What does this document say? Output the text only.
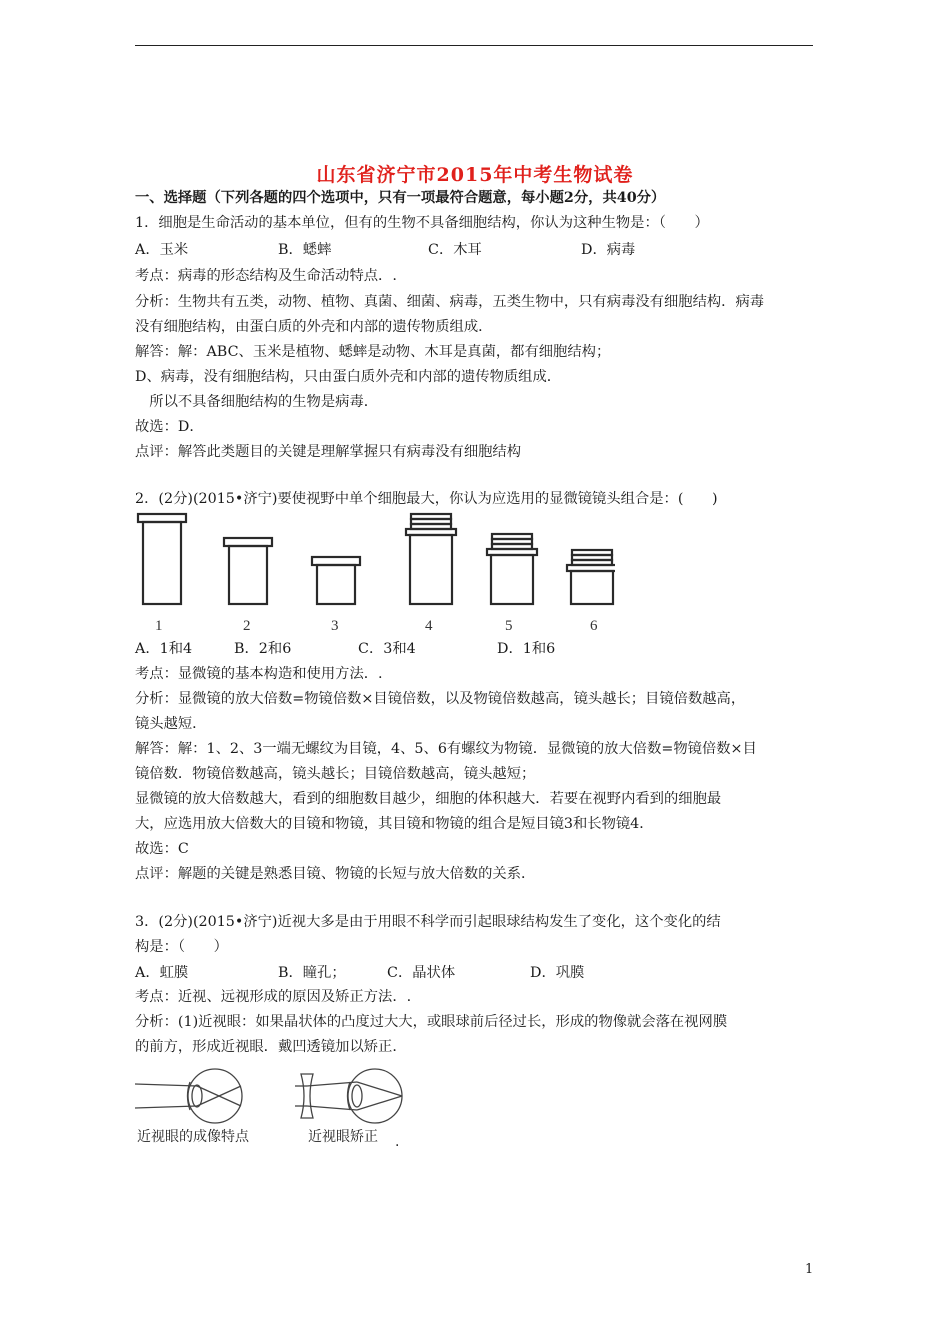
山东省济宁市2015年中考生物试卷
一、选择题（下列各题的四个选项中，只有一项最符合题意，每小题2分，共40分）
1．细胞是生命活动的基本单位，但有的生物不具备细胞结构，你认为这种生物是：（　　）
A．玉米	B．蟋蟀	C．木耳	D．病毒
考点：病毒的形态结构及生命活动特点．.
分析：生物共有五类，动物、植物、真菌、细菌、病毒，五类生物中，只有病毒没有细胞结构．病毒
没有细胞结构，由蛋白质的外壳和内部的遗传物质组成．
解答：解：ABC、玉米是植物、蟋蟀是动物、木耳是真菌，都有细胞结构；
D、病毒，没有细胞结构，只由蛋白质外壳和内部的遗传物质组成．
　所以不具备细胞结构的生物是病毒．
故选：D．
点评：解答此类题目的关键是理解掌握只有病毒没有细胞结构
2．(2分)(2015•济宁)要使视野中单个细胞最大，你认为应选用的显微镜镜头组合是：(　　)
1	2	3	4	5	6
A．1和4	B．2和6	C．3和4	D．1和6
考点：显微镜的基本构造和使用方法．.
分析：显微镜的放大倍数=物镜倍数×目镜倍数，以及物镜倍数越高，镜头越长；目镜倍数越高，
镜头越短．
解答：解：1、2、3一端无螺纹为目镜，4、5、6有螺纹为物镜．显微镜的放大倍数=物镜倍数×目
镜倍数．物镜倍数越高，镜头越长；目镜倍数越高，镜头越短；
显微镜的放大倍数越大，看到的细胞数目越少，细胞的体积越大．若要在视野内看到的细胞最
大，应选用放大倍数大的目镜和物镜，其目镜和物镜的组合是短目镜3和长物镜4．
故选：C
点评：解题的关键是熟悉目镜、物镜的长短与放大倍数的关系．
3．(2分)(2015•济宁)近视大多是由于用眼不科学而引起眼球结构发生了变化，这个变化的结
构是：（　　）
A．虹膜	B．瞳孔；	C．晶状体	D．巩膜
考点：近视、远视形成的原因及矫正方法．.
分析：(1)近视眼：如果晶状体的凸度过大大，或眼球前后径过长，形成的物像就会落在视网膜
的前方，形成近视眼．戴凹透镜加以矫正．
近视眼的成像特点	近视眼矫正 .
1
